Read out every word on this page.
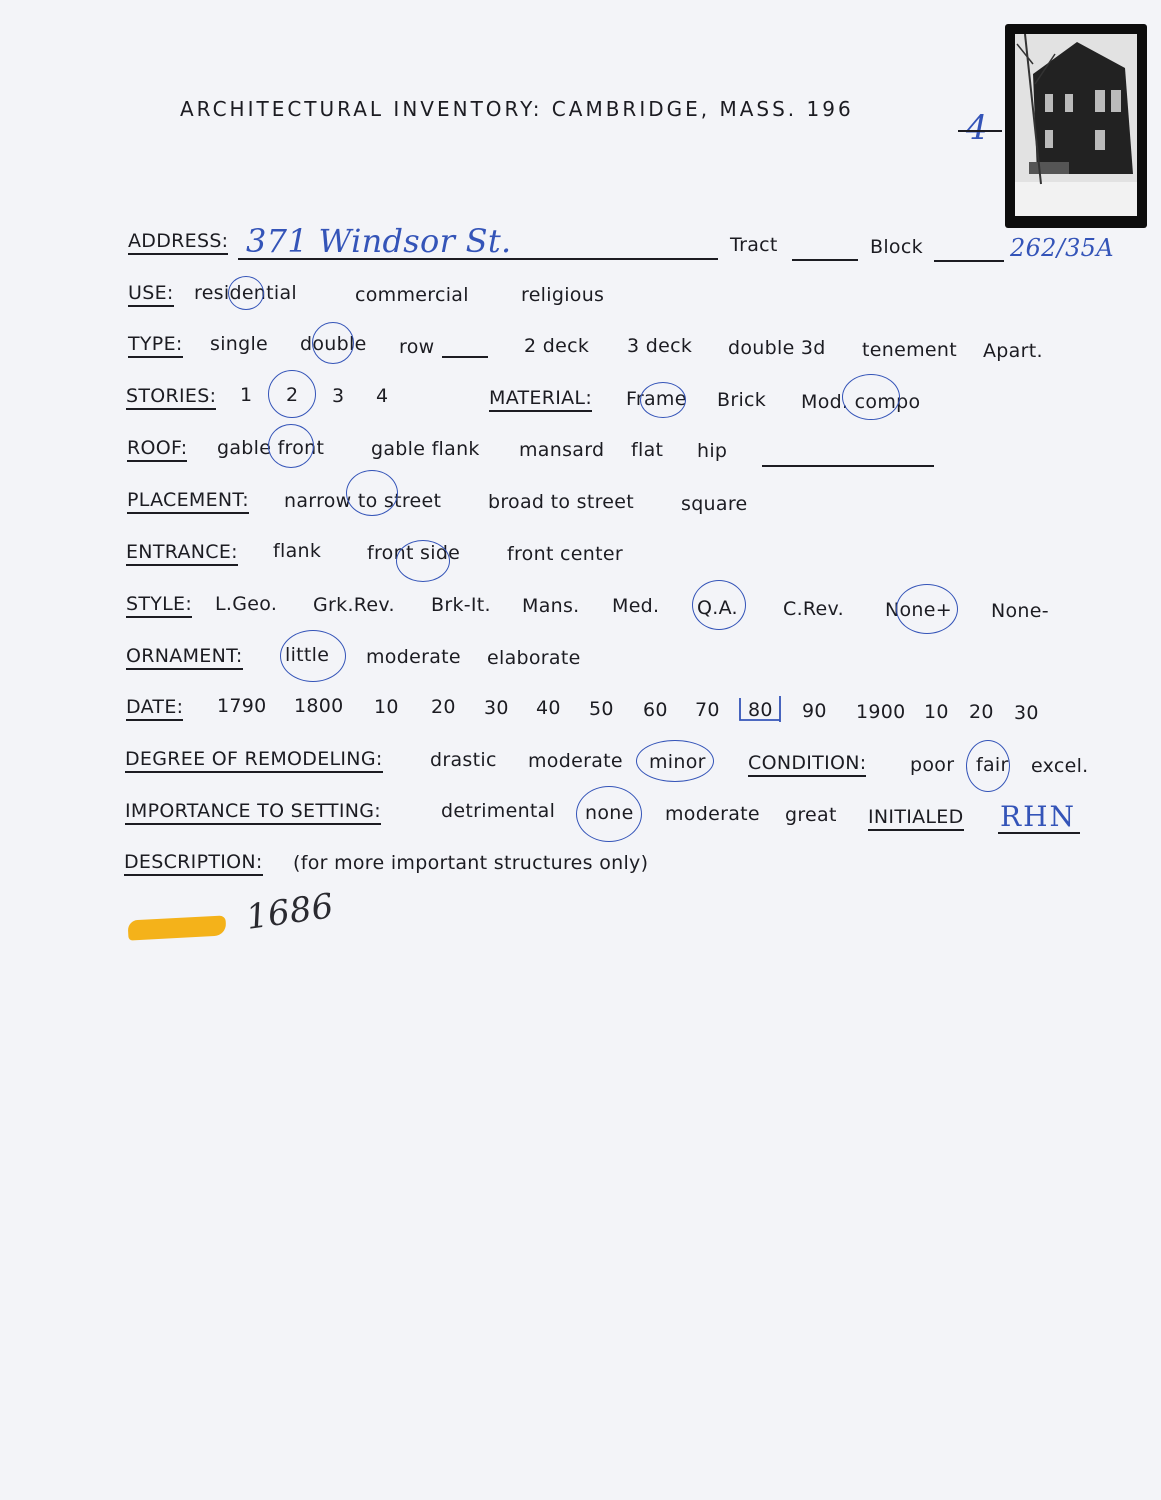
ARCHITECTURAL INVENTORY: CAMBRIDGE, MASS. 196	4
ADDRESS: 371 Windsor St.	Tract	Block	262/35A
USE: residential	commercial	religious
TYPE: single double row	2 deck 3 deck double 3d tenement Apart.
STORIES: 1 2 3 4	MATERIAL: Frame Brick Mod. compo
ROOF: gable front gable flank mansard flat hip
PLACEMENT: narrow to street broad to street square
ENTRANCE: flank front side front center
STYLE: L.Geo. Grk.Rev. Brk-It. Mans. Med. Q.A. C.Rev. None+ None-
ORNAMENT: little moderate elaborate
DATE: 1790 1800 10 20 30 40 50 60 70 80 90 1900 10 20 30
DEGREE OF REMODELING: drastic moderate minor CONDITION: poor fair excel.
IMPORTANCE TO SETTING:	detrimental none moderate great INITIALED RHN
DESCRIPTION: (for more important structures only)
1686
